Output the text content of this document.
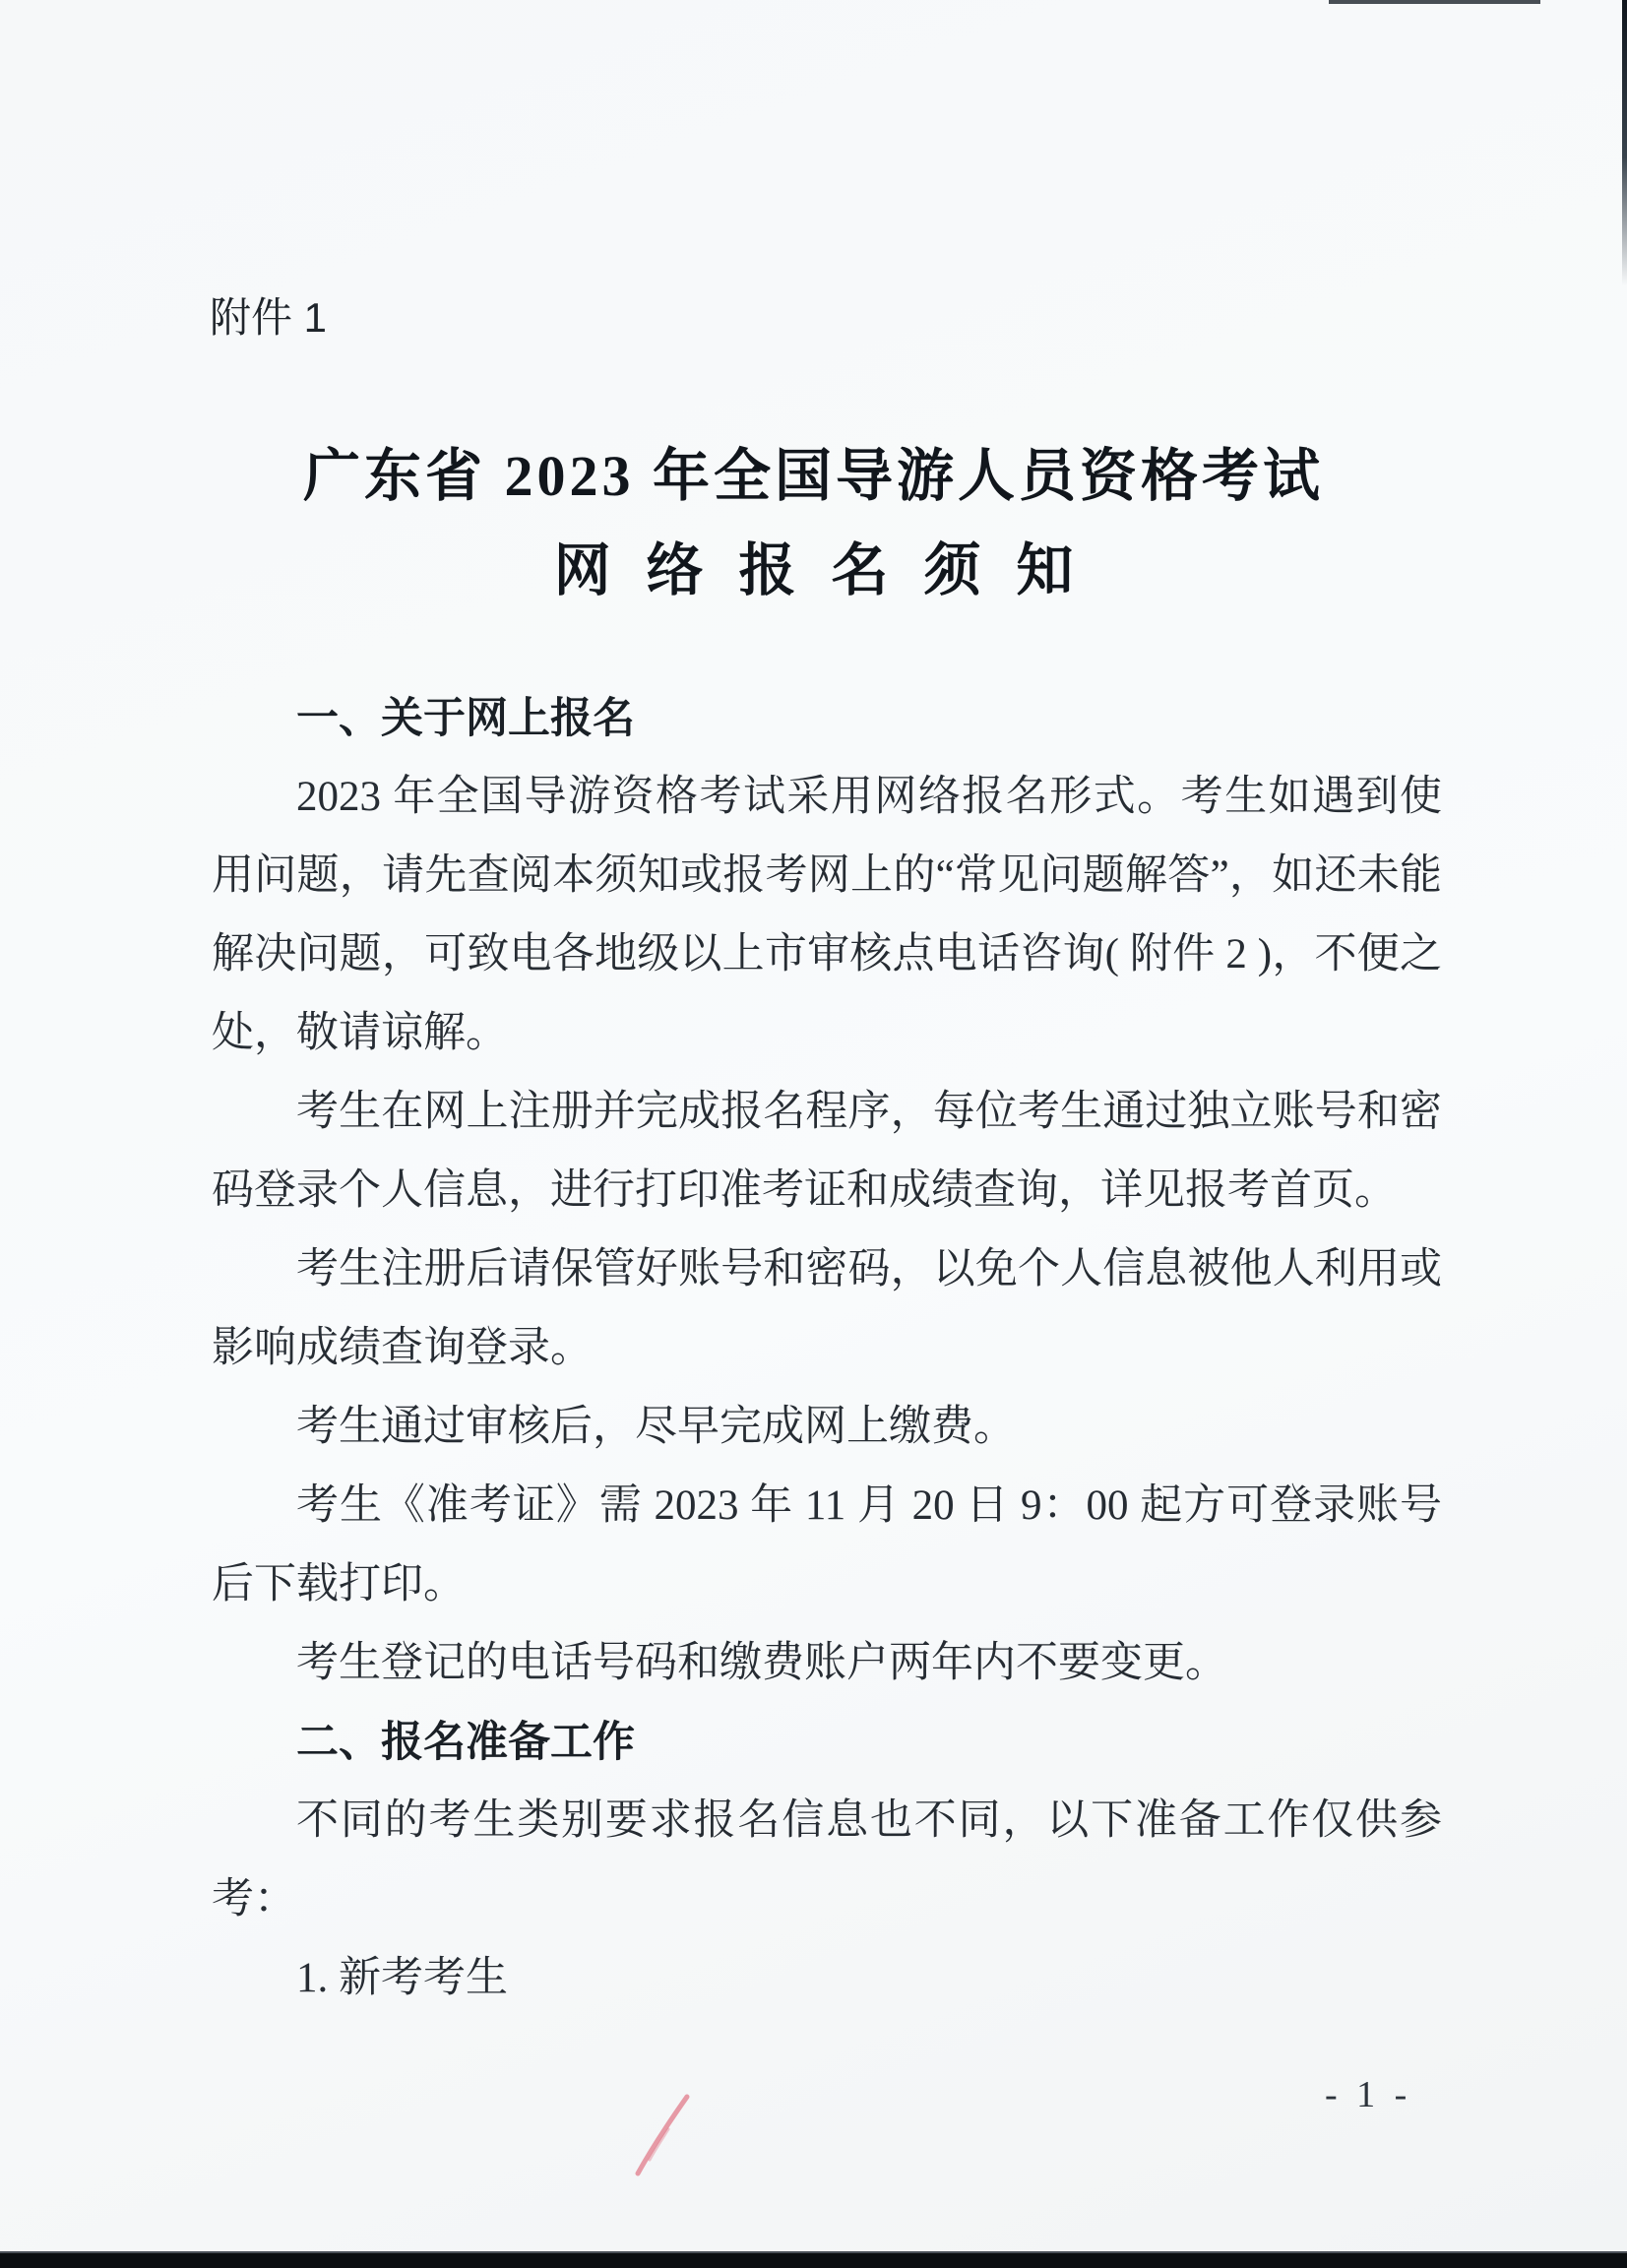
附件 1
广东省 2023 年全国导游人员资格考试
网络报名须知
一、关于网上报名

2023 年全国导游资格考试采用网络报名形式。考生如遇到使用问题，请先查阅本须知或报考网上的“常见问题解答”，如还未能解决问题，可致电各地级以上市审核点电话咨询( 附件 2 )，不便之处，敬请谅解。

考生在网上注册并完成报名程序，每位考生通过独立账号和密码登录个人信息，进行打印准考证和成绩查询，详见报考首页。

考生注册后请保管好账号和密码，以免个人信息被他人利用或影响成绩查询登录。

考生通过审核后，尽早完成网上缴费。

考生《准考证》需 2023 年 11 月 20 日 9：00 起方可登录账号后下载打印。

考生登记的电话号码和缴费账户两年内不要变更。

二、报名准备工作

不同的考生类别要求报名信息也不同，以下准备工作仅供参考：

1. 新考考生

- 1 -
